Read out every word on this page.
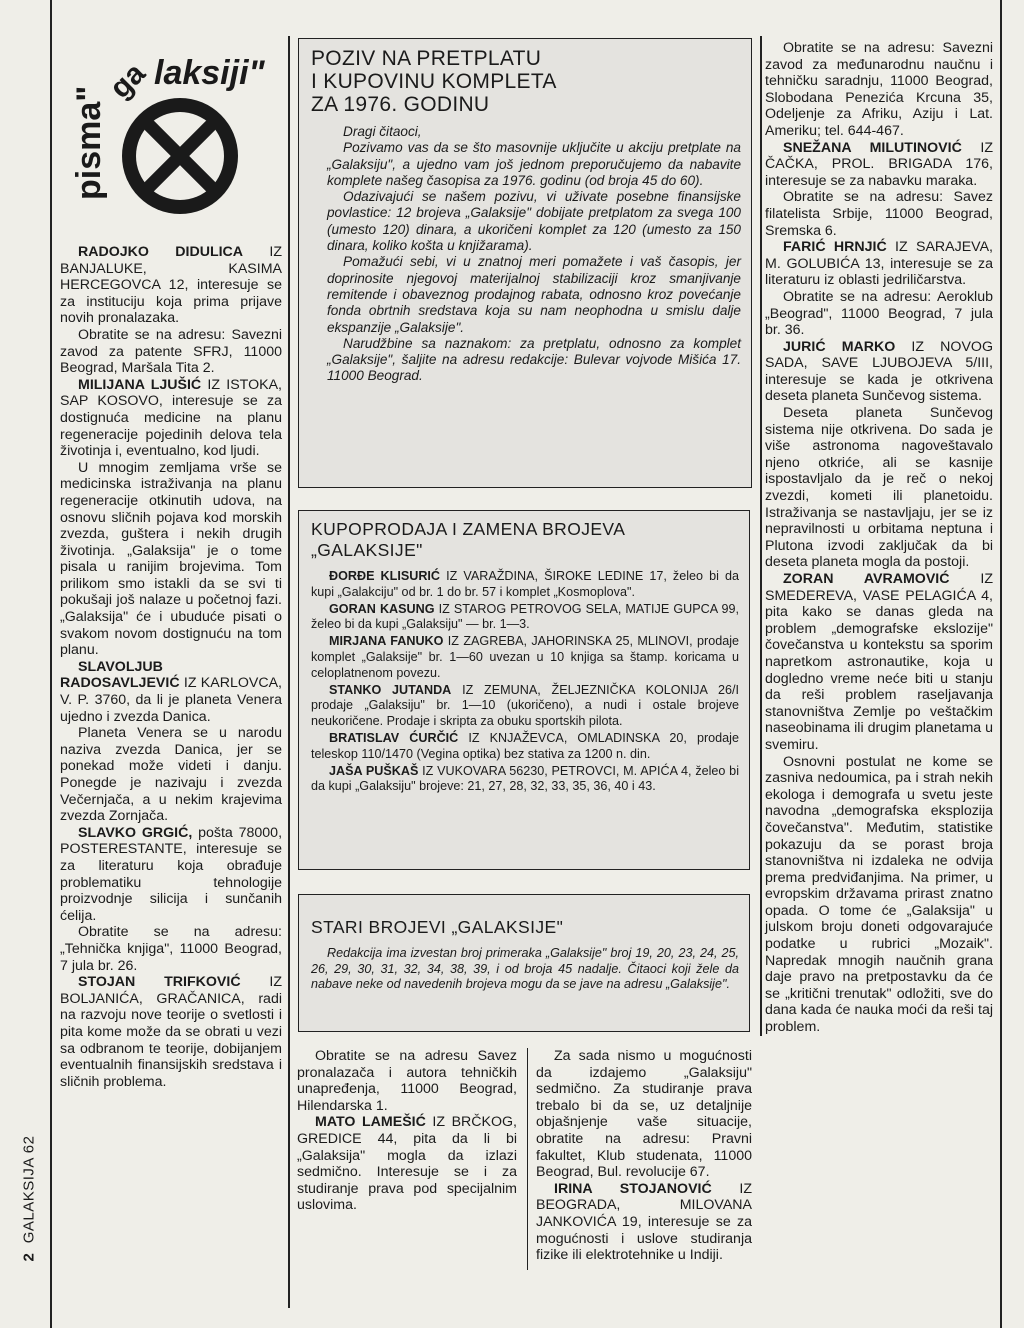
2  GALAKSIJA 62
pisma"
ga laksiji"

RADOJKO DIDULICA IZ BANJALUKE, KASIMA HERCEGOVCA 12, interesuje se za instituciju koja prima prijave novih pronalazaka.

Obratite se na adresu: Savezni zavod za patente SFRJ, 11000 Beograd, Maršala Tita 2.

MILIJANA LJUŠIĆ IZ ISTOKA, SAP KOSOVO, interesuje se za dostignuća medicine na planu regeneracije pojedinih delova tela životinja i, eventualno, kod ljudi.

U mnogim zemljama vrše se medicinska istraživanja na planu regeneracije otkinutih udova, na osnovu sličnih pojava kod morskih zvezda, guštera i nekih drugih životinja. „Galaksija" je o tome pisala u ranijim brojevima. Tom prilikom smo istakli da se svi ti pokušaji još nalaze u početnoj fazi. „Galaksija" će i ubuduće pisati o svakom novom dostignuću na tom planu.

SLAVOLJUB RADOSAVLJEVIĆ IZ KARLOVCA, V. P. 3760, da li je planeta Venera ujedno i zvezda Danica.

Planeta Venera se u narodu naziva zvezda Danica, jer se ponekad može videti i danju. Ponegde je nazivaju i zvezda Večernjača, a u nekim krajevima zvezda Zornjača.

SLAVKO GRGIĆ, pošta 78000, POSTERESTANTE, interesuje se za literaturu koja obrađuje problematiku tehnologije proizvodnje silicija i sunčanih ćelija.

Obratite se na adresu: „Tehnička knjiga", 11000 Beograd, 7 jula br. 26.

STOJAN TRIFKOVIĆ IZ BOLJANIĆA, GRAČANICA, radi na razvoju nove teorije o svetlosti i pita kome može da se obrati u vezi sa odbranom te teorije, dobijanjem eventualnih finansijskih sredstava i sličnih problema.

POZIV NA PRETPLATU
I KUPOVINU KOMPLETA
ZA 1976. GODINU

Dragi čitaoci,

Pozivamo vas da se što masovnije uključite u akciju pretplate na „Galaksiju", a ujedno vam još jednom preporučujemo da nabavite komplete našeg časopisa za 1976. godinu (od broja 45 do 60).

Odazivajući se našem pozivu, vi uživate posebne finansijske povlastice: 12 brojeva „Galaksije" dobijate pretplatom za svega 100 (umesto 120) dinara, a ukoričeni komplet za 120 (umesto za 150 dinara, koliko košta u knjižarama).

Pomažući sebi, vi u znatnoj meri pomažete i vaš časopis, jer doprinosite njegovoj materijalnoj stabilizaciji kroz smanjivanje remitende i obaveznog prodajnog rabata, odnosno kroz povećanje fonda obrtnih sredstava koja su nam neophodna u smislu dalje ekspanzije „Galaksije".

Narudžbine sa naznakom: za pretplatu, odnosno za komplet „Galaksije", šaljite na adresu redakcije: Bulevar vojvode Mišića 17. 11000 Beograd.

KUPOPRODAJA I ZAMENA BROJEVA
„GALAKSIJE"

ĐORĐE KLISURIĆ IZ VARAŽDINA, ŠIROKE LEDINE 17, želeo bi da kupi „Galakciju" od br. 1 do br. 57 i komplet „Kosmoplova".

GORAN KASUNG IZ STAROG PETROVOG SELA, MATIJE GUPCA 99, želeo bi da kupi „Galaksiju" — br. 1—3.

MIRJANA FANUKO IZ ZAGREBA, JAHORINSKA 25, MLINOVI, prodaje komplet „Galaksije" br. 1—60 uvezan u 10 knjiga sa štamp. koricama u celoplatnenom povezu.

STANKO JUTANDA IZ ZEMUNA, ŽELJEZNIČKA KOLONIJA 26/I prodaje „Galaksiju" br. 1—10 (ukoričeno), a nudi i ostale brojeve neukoričene. Prodaje i skripta za obuku sportskih pilota.

BRATISLAV ĆURČIĆ IZ KNJAŽEVCA, OMLADINSKA 20, prodaje teleskop 110/1470 (Vegina optika) bez stativa za 1200 n. din.

JAŠA PUŠKAŠ IZ VUKOVARA 56230, PETROVCI, M. APIĆA 4, želeo bi da kupi „Galaksiju" brojeve: 21, 27, 28, 32, 33, 35, 36, 40 i 43.

STARI BROJEVI „GALAKSIJE"
Redakcija ima izvestan broj primeraka „Galaksije" broj 19, 20, 23, 24, 25, 26, 29, 30, 31, 32, 34, 38, 39, i od broja 45 nadalje. Čitaoci koji žele da nabave neke od navedenih brojeva mogu da se jave na adresu „Galaksije".

Obratite se na adresu Savez pronalazača i autora tehničkih unapređenja, 11000 Beograd, Hilendarska 1.

MATO LAMEŠIĆ IZ BRČKOG, GREDICE 44, pita da li bi „Galaksija" mogla da izlazi sedmično. Interesuje se i za studiranje prava pod specijalnim uslovima.

Za sada nismo u mogućnosti da izdajemo „Galaksiju" sedmično. Za studiranje prava trebalo bi da se, uz detaljnije objašnjenje vaše situacije, obratite na adresu: Pravni fakultet, Klub studenata, 11000 Beograd, Bul. revolucije 67.

IRINA STOJANOVIĆ IZ BEOGRADA, MILOVANA JANKOVIĆA 19, interesuje se za mogućnosti i uslove studiranja fizike ili elektrotehnike u Indiji.

Obratite se na adresu: Savezni zavod za međunarodnu naučnu i tehničku saradnju, 11000 Beograd, Slobodana Penezića Krcuna 35, Odeljenje za Afriku, Aziju i Lat. Ameriku; tel. 644-467.

SNEŽANA MILUTINOVIĆ IZ ČAČKA, PROL. BRIGADA 176, interesuje se za nabavku maraka.

Obratite se na adresu: Savez filatelista Srbije, 11000 Beograd, Sremska 6.

FARIĆ HRNJIĆ IZ SARAJEVA, M. GOLUBIĆA 13, interesuje se za literaturu iz oblasti jedriličarstva.

Obratite se na adresu: Aeroklub „Beograd", 11000 Beograd, 7 jula br. 36.

JURIĆ MARKO IZ NOVOG SADA, SAVE LJUBOJEVA 5/III, interesuje se kada je otkrivena deseta planeta Sunčevog sistema.

Deseta planeta Sunčevog sistema nije otkrivena. Do sada je više astronoma nagoveštavalo njeno otkriće, ali se kasnije ispostavljalo da je reč o nekoj zvezdi, kometi ili planetoidu. Istraživanja se nastavljaju, jer se iz nepravilnosti u orbitama neptuna i Plutona izvodi zaključak da bi deseta planeta mogla da postoji.

ZORAN AVRAMOVIĆ IZ SMEDEREVA, VASE PELAGIĆA 4, pita kako se danas gleda na problem „demografske ekslozije" čovečanstva u kontekstu sa sporim napretkom astronautike, koja u dogledno vreme neće biti u stanju da reši problem raseljavanja stanovništva Zemlje po veštačkim naseobinama ili drugim planetama u svemiru.

Osnovni postulat ne kome se zasniva nedoumica, pa i strah nekih ekologa i demografa u svetu jeste navodna „demografska eksplozija čovečanstva". Međutim, statistike pokazuju da se porast broja stanovništva ni izdaleka ne odvija prema predviđanjima. Na primer, u evropskim državama prirast znatno opada. O tome će „Galaksija" u julskom broju doneti odgovarajuće podatke u rubrici „Mozaik". Napredak mnogih naučnih grana daje pravo na pretpostavku da će se „kritični trenutak" odložiti, sve do dana kada će nauka moći da reši taj problem.
